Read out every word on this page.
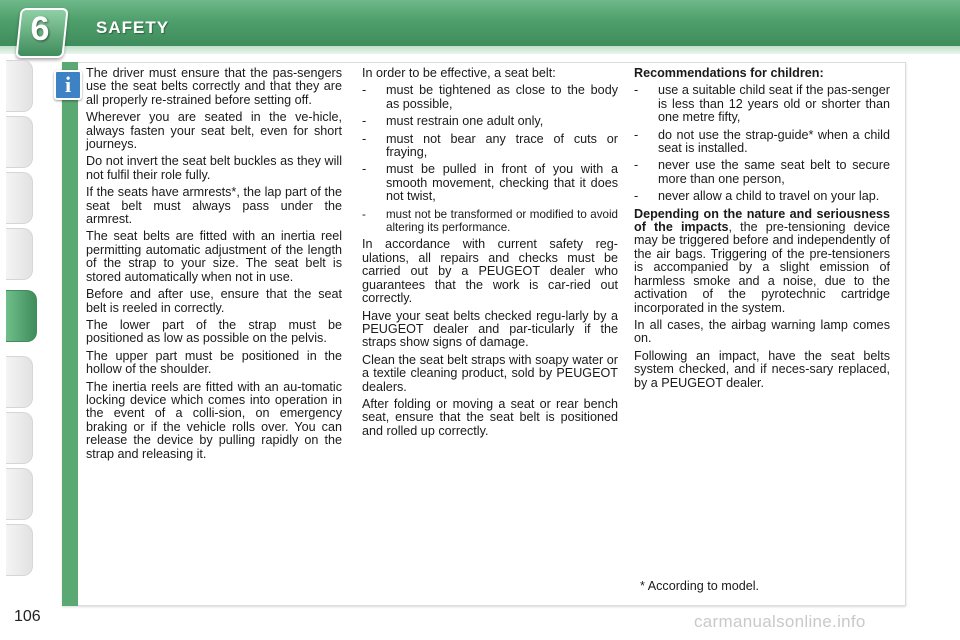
6	SAFETY
i	The driver must ensure that the pas-sengers use the seat belts correctly and that they are all properly re-strained before setting off.

Wherever you are seated in the ve-hicle, always fasten your seat belt, even for short journeys.

Do not invert the seat belt buckles as they will not fulfil their role fully.

If the seats have armrests*, the lap part of the seat belt must always pass under the armrest.

The seat belts are fitted with an inertia reel permitting automatic adjustment of the length of the strap to your size. The seat belt is stored automatically when not in use.

Before and after use, ensure that the seat belt is reeled in correctly.

The lower part of the strap must be positioned as low as possible on the pelvis.

The upper part must be positioned in the hollow of the shoulder.

The inertia reels are fitted with an au-tomatic locking device which comes into operation in the event of a colli-sion, on emergency braking or if the vehicle rolls over. You can release the device by pulling rapidly on the strap and releasing it.

In order to be effective, a seat belt:

- must be tightened as close to the body as possible,
- must restrain one adult only,
- must not bear any trace of cuts or fraying,
- must be pulled in front of you with a smooth movement, checking that it does not twist,
- must not be transformed or modified to avoid altering its performance.

In accordance with current safety reg-ulations, all repairs and checks must be carried out by a PEUGEOT dealer who guarantees that the work is car-ried out correctly.

Have your seat belts checked regu-larly by a PEUGEOT dealer and par-ticularly if the straps show signs of damage.

Clean the seat belt straps with soapy water or a textile cleaning product, sold by PEUGEOT dealers.

After folding or moving a seat or rear bench seat, ensure that the seat belt is positioned and rolled up correctly.

Recommendations for children:

- use a suitable child seat if the pas-senger is less than 12 years old or shorter than one metre fifty,
- do not use the strap-guide* when a child seat is installed.
- never use the same seat belt to secure more than one person,
- never allow a child to travel on your lap.

Depending on the nature and seriousness of the impacts, the pre-tensioning device may be triggered before and independently of the air bags. Triggering of the pre-tensioners is accompanied by a slight emission of harmless smoke and a noise, due to the activation of the pyrotechnic cartridge incorporated in the system.

In all cases, the airbag warning lamp comes on.

Following an impact, have the seat belts system checked, and if neces-sary replaced, by a PEUGEOT dealer.

* According to model.
106	carmanualsonline.info
